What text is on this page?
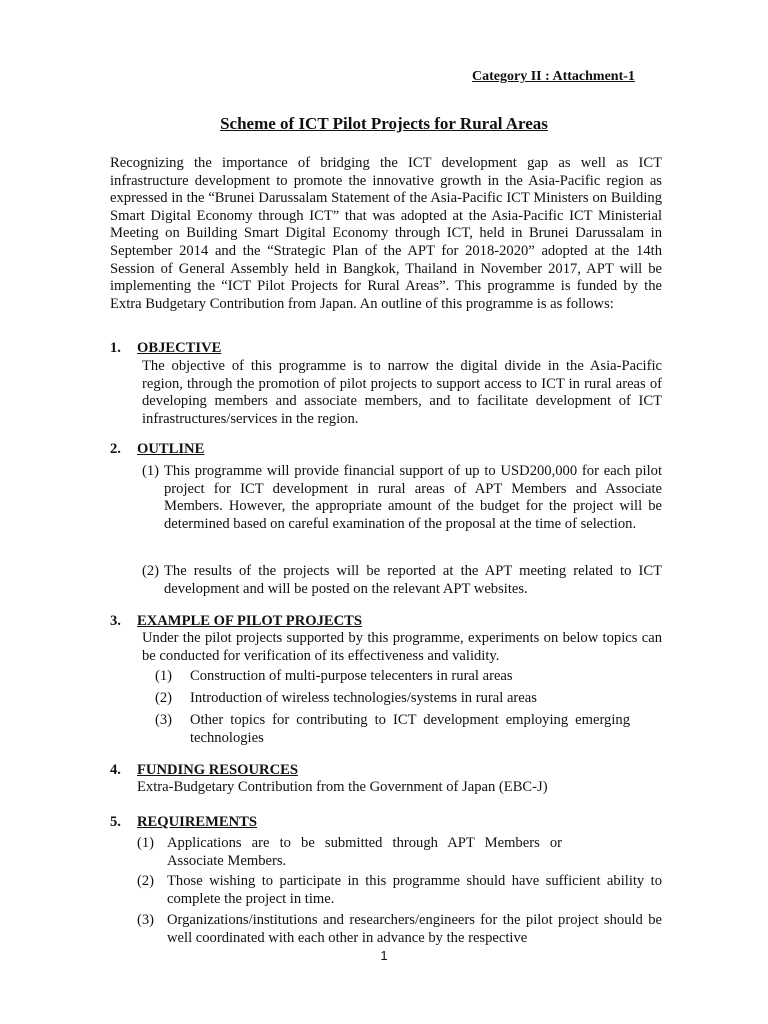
Category II : Attachment-1
Scheme of ICT Pilot Projects for Rural Areas
Recognizing the importance of bridging the ICT development gap as well as ICT infrastructure development to promote the innovative growth in the Asia-Pacific region as expressed in the “Brunei Darussalam Statement of the Asia-Pacific ICT Ministers on Building Smart Digital Economy through ICT” that was adopted at the Asia-Pacific ICT Ministerial Meeting on Building Smart Digital Economy through ICT, held in Brunei Darussalam in September 2014 and the “Strategic Plan of the APT for 2018-2020” adopted at the 14th Session of General Assembly held in Bangkok, Thailand in November 2017, APT will be implementing the “ICT Pilot Projects for Rural Areas”. This programme is funded by the Extra Budgetary Contribution from Japan. An outline of this programme is as follows:
1. OBJECTIVE
The objective of this programme is to narrow the digital divide in the Asia-Pacific region, through the promotion of pilot projects to support access to ICT in rural areas of developing members and associate members, and to facilitate development of ICT infrastructures/services in the region.
2. OUTLINE
(1) This programme will provide financial support of up to USD200,000 for each pilot project for ICT development in rural areas of APT Members and Associate Members. However, the appropriate amount of the budget for the project will be determined based on careful examination of the proposal at the time of selection.
(2) The results of the projects will be reported at the APT meeting related to ICT development and will be posted on the relevant APT websites.
3. EXAMPLE OF PILOT PROJECTS
Under the pilot projects supported by this programme, experiments on below topics can be conducted for verification of its effectiveness and validity.
(1)	Construction of multi-purpose telecenters in rural areas
(2)	Introduction of wireless technologies/systems in rural areas
(3)	Other topics for contributing to ICT development employing emerging technologies
4. FUNDING RESOURCES
Extra-Budgetary Contribution from the Government of Japan (EBC-J)
5. REQUIREMENTS
(1) Applications are to be submitted through APT Members or Associate Members.
(2) Those wishing to participate in this programme should have sufficient ability to complete the project in time.
(3) Organizations/institutions and researchers/engineers for the pilot project should be well coordinated with each other in advance by the respective
1
